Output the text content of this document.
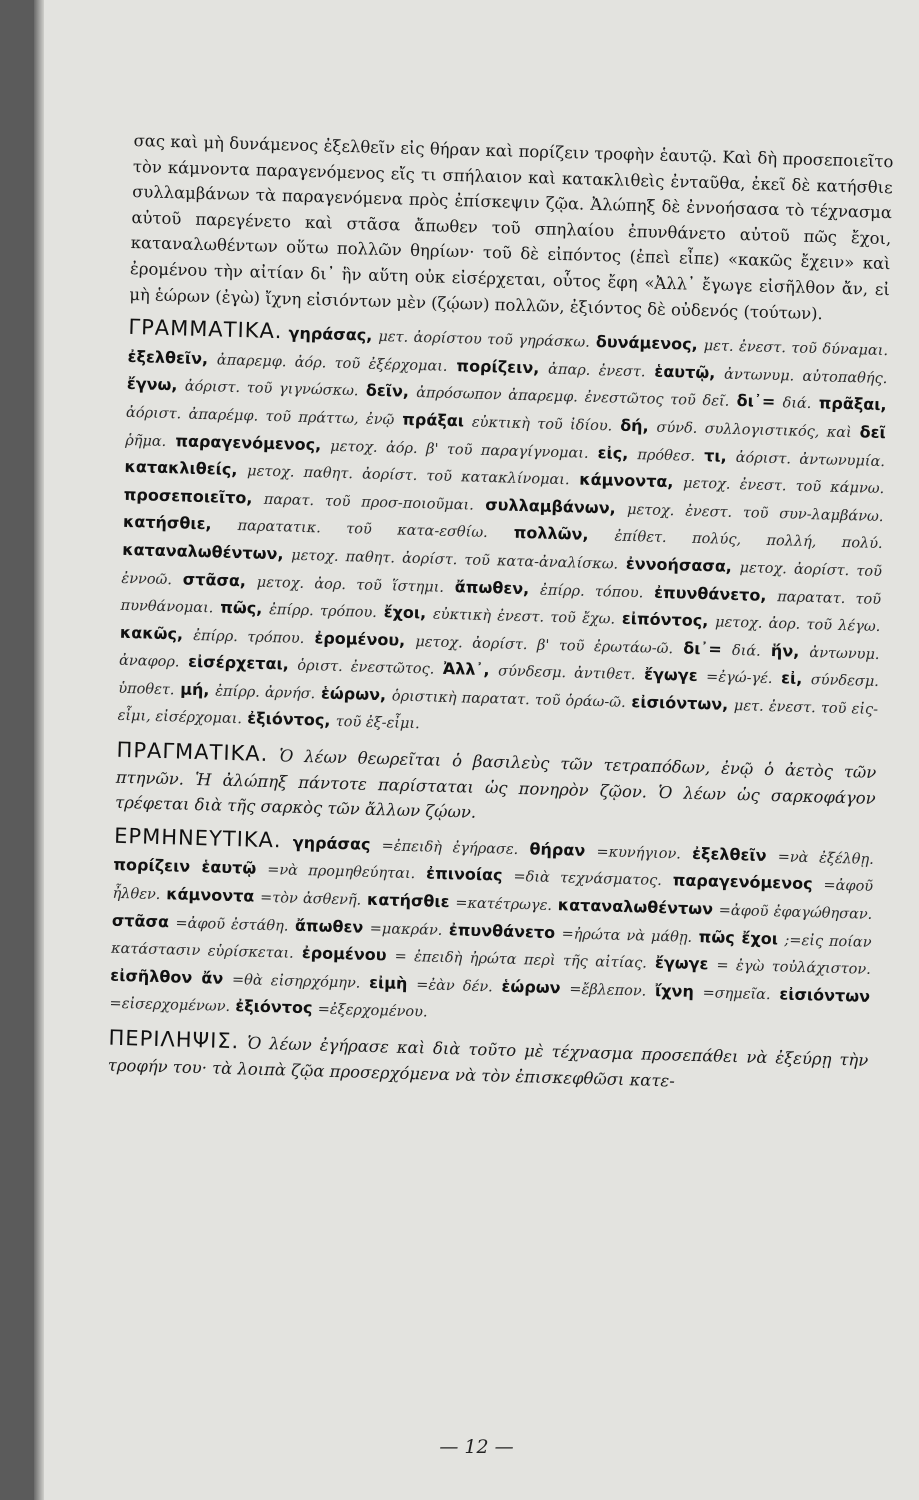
σας καὶ μὴ δυνάμενος ἐξελθεῖν εἰς θήραν καὶ πορίζειν τροφὴν ἑαυτῷ. Καὶ δὴ προσεποιεῖτο τὸν κάμνοντα παραγενόμενος εἴς τι σπήλαιον καὶ κατακλιθεὶς ἐνταῦθα, ἐκεῖ δὲ κατήσθιε συλλαμβάνων τὰ παραγενόμενα πρὸς ἐπίσκεψιν ζῷα. Ἀλώπηξ δὲ ἐννοήσασα τὸ τέχνασμα αὐτοῦ παρεγένετο καὶ στᾶσα ἄπωθεν τοῦ σπηλαίου ἐπυνθάνετο αὐτοῦ πῶς ἔχοι, καταναλωθέντων οὕτω πολλῶν θηρίων· τοῦ δὲ εἰπόντος (ἐπεὶ εἶπε) «κακῶς ἔχειν» καὶ ἐρομένου τὴν αἰτίαν δι᾽ ἣν αὕτη οὐκ εἰσέρχεται, οὗτος ἔφη «Ἀλλ᾽ ἔγωγε εἰσῆλθον ἄν, εἰ μὴ ἑώρων (ἐγὼ) ἴχνη εἰσιόντων μὲν (ζῴων) πολλῶν, ἐξιόντος δὲ οὐδενός (τούτων).

ΓΡΑΜΜΑΤΙΚΑ. γηράσας, μετ. ἀορίστου τοῦ γηράσκω. δυνάμενος, μετ. ἐνεστ. τοῦ δύναμαι. ἐξελθεῖν, ἀπαρεμφ. ἀόρ. τοῦ ἐξέρχομαι. πορίζειν, ἀπαρ. ἐνεστ. ἑαυτῷ, ἀντωνυμ. αὐτοπαθής. ἔγνω, ἀόριστ. τοῦ γιγνώσκω. δεῖν, ἀπρόσωπον ἀπαρεμφ. ἐνεστῶτος τοῦ δεῖ. δι᾽= διά. πρᾶξαι, ἀόριστ. ἀπαρέμφ. τοῦ πράττω, ἐνῷ πράξαι εὐκτικὴ τοῦ ἰδίου. δή, σύνδ. συλλογιστικός, καὶ δεῖ ῥῆμα. παραγενόμενος, μετοχ. ἀόρ. β' τοῦ παραγίγνομαι. εἰς, πρόθεσ. τι, ἀόριστ. ἀντωνυμία. κατακλιθείς, μετοχ. παθητ. ἀορίστ. τοῦ κατακλίνομαι. κάμνοντα, μετοχ. ἐνεστ. τοῦ κάμνω. προσεποιεῖτο, παρατ. τοῦ προσ-ποιοῦμαι. συλλαμβάνων, μετοχ. ἐνεστ. τοῦ συν-λαμβάνω. κατήσθιε, παρατατικ. τοῦ κατα-εσθίω. πολλῶν, ἐπίθετ. πολύς, πολλή, πολύ. καταναλωθέντων, μετοχ. παθητ. ἀορίστ. τοῦ κατα-ἀναλίσκω. ἐννοήσασα, μετοχ. ἀορίστ. τοῦ ἐννοῶ. στᾶσα, μετοχ. ἀορ. τοῦ ἵστημι. ἄπωθεν, ἐπίρρ. τόπου. ἐπυνθάνετο, παρατατ. τοῦ πυνθάνομαι. πῶς, ἐπίρρ. τρόπου. ἔχοι, εὐκτικὴ ἐνεστ. τοῦ ἔχω. εἰπόντος, μετοχ. ἀορ. τοῦ λέγω. κακῶς, ἐπίρρ. τρόπου. ἐρομένου, μετοχ. ἀορίστ. β' τοῦ ἐρωτάω-ῶ. δι᾽= διά. ἥν, ἀντωνυμ. ἀναφορ. εἰσέρχεται, ὁριστ. ἐνεστῶτος. Ἀλλ᾽, σύνδεσμ. ἀντιθετ. ἔγωγε =ἐγώ-γέ. εἰ, σύνδεσμ. ὑποθετ. μή, ἐπίρρ. ἀρνήσ. ἑώρων, ὁριστικὴ παρατατ. τοῦ ὁράω-ῶ. εἰσιόντων, μετ. ἐνεστ. τοῦ εἰς-εἶμι, εἰσέρχομαι. ἐξιόντος, τοῦ ἐξ-εἶμι.

ΠΡΑΓΜΑΤΙΚΑ. Ὁ λέων θεωρεῖται ὁ βασιλεὺς τῶν τετραπόδων, ἐνῷ ὁ ἀετὸς τῶν πτηνῶν. Ἡ ἀλώπηξ πάντοτε παρίσταται ὡς πονηρὸν ζῷον. Ὁ λέων ὡς σαρκοφάγον τρέφεται διὰ τῆς σαρκὸς τῶν ἄλλων ζῴων.

ΕΡΜΗΝΕΥΤΙΚΑ. γηράσας =ἐπειδὴ ἐγήρασε. θήραν =κυνήγιον. ἐξελθεῖν =νὰ ἐξέλθῃ. πορίζειν ἑαυτῷ =νὰ προμηθεύηται. ἐπινοίας =διὰ τεχνάσματος. παραγενόμενος =ἀφοῦ ἦλθεν. κάμνοντα =τὸν ἀσθενῆ. κατήσθιε =κατέτρωγε. καταναλωθέντων =ἀφοῦ ἐφαγώθησαν. στᾶσα =ἀφοῦ ἐστάθη. ἄπωθεν =μακράν. ἐπυνθάνετο =ἠρώτα νὰ μάθῃ. πῶς ἔχοι ;=εἰς ποίαν κατάστασιν εὑρίσκεται. ἐρομένου = ἐπειδὴ ἠρώτα περὶ τῆς αἰτίας. ἔγωγε = ἐγὼ τοὐλάχιστον. εἰσῆλθον ἄν =θὰ εἰσηρχόμην. εἰμὴ =ἐὰν δέν. ἑώρων =ἔβλεπον. ἴχνη =σημεῖα. εἰσιόντων =εἰσερχομένων. ἐξιόντος =ἐξερχομένου.

ΠΕΡΙΛΗΨΙΣ. Ὁ λέων ἐγήρασε καὶ διὰ τοῦτο μὲ τέχνασμα προσεπάθει νὰ ἐξεύρῃ τὴν τροφήν του· τὰ λοιπὰ ζῷα προσερχόμενα νὰ τὸν ἐπισκεφθῶσι κατε-

— 12 —
